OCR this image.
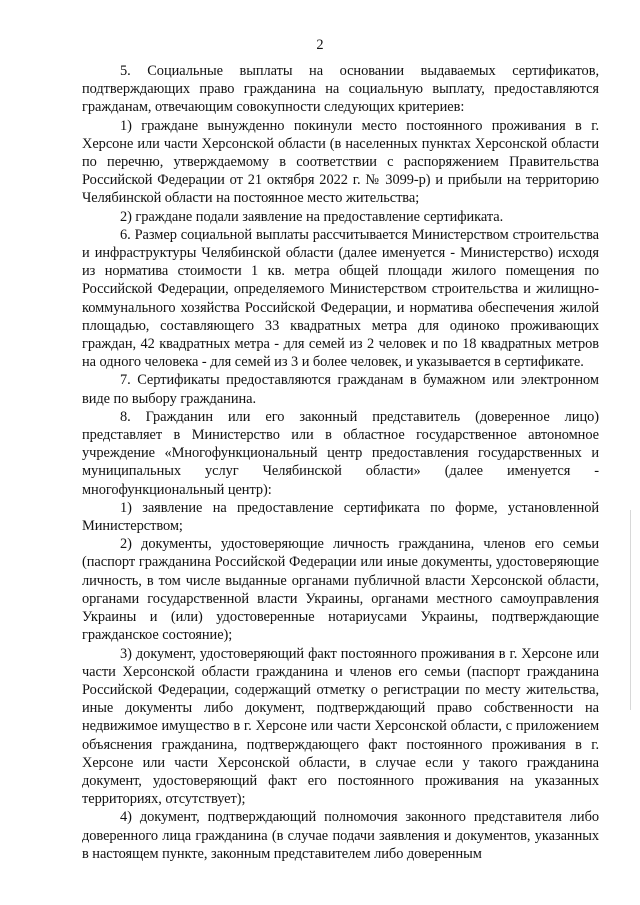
2

5. Социальные выплаты на основании выдаваемых сертификатов, подтверждающих право гражданина на социальную выплату, предоставляются гражданам, отвечающим совокупности следующих критериев:

1) граждане вынужденно покинули место постоянного проживания в г. Херсоне или части Херсонской области (в населенных пунктах Херсонской области по перечню, утверждаемому в соответствии с распоряжением Правительства Российской Федерации от 21 октября 2022 г. № 3099-р) и прибыли на территорию Челябинской области на постоянное место жительства;

2) граждане подали заявление на предоставление сертификата.

6. Размер социальной выплаты рассчитывается Министерством строительства и инфраструктуры Челябинской области (далее именуется - Министерство) исходя из норматива стоимости 1 кв. метра общей площади жилого помещения по Российской Федерации, определяемого Министерством строительства и жилищно-коммунального хозяйства Российской Федерации, и норматива обеспечения жилой площадью, составляющего 33 квадратных метра для одиноко проживающих граждан, 42 квадратных метра - для семей из 2 человек и по 18 квадратных метров на одного человека - для семей из 3 и более человек, и указывается в сертификате.

7. Сертификаты предоставляются гражданам в бумажном или электронном виде по выбору гражданина.

8. Гражданин или его законный представитель (доверенное лицо) представляет в Министерство или в областное государственное автономное учреждение «Многофункциональный центр предоставления государственных и муниципальных услуг Челябинской области» (далее именуется - многофункциональный центр):

1) заявление на предоставление сертификата по форме, установленной Министерством;

2) документы, удостоверяющие личность гражданина, членов его семьи (паспорт гражданина Российской Федерации или иные документы, удостоверяющие личность, в том числе выданные органами публичной власти Херсонской области, органами государственной власти Украины, органами местного самоуправления Украины и (или) удостоверенные нотариусами Украины, подтверждающие гражданское состояние);

3) документ, удостоверяющий факт постоянного проживания в г. Херсоне или части Херсонской области гражданина и членов его семьи (паспорт гражданина Российской Федерации, содержащий отметку о регистрации по месту жительства, иные документы либо документ, подтверждающий право собственности на недвижимое имущество в г. Херсоне или части Херсонской области, с приложением объяснения гражданина, подтверждающего факт постоянного проживания в г. Херсоне или части Херсонской области, в случае если у такого гражданина документ, удостоверяющий факт его постоянного проживания на указанных территориях, отсутствует);

4) документ, подтверждающий полномочия законного представителя либо доверенного лица гражданина (в случае подачи заявления и документов, указанных в настоящем пункте, законным представителем либо доверенным
